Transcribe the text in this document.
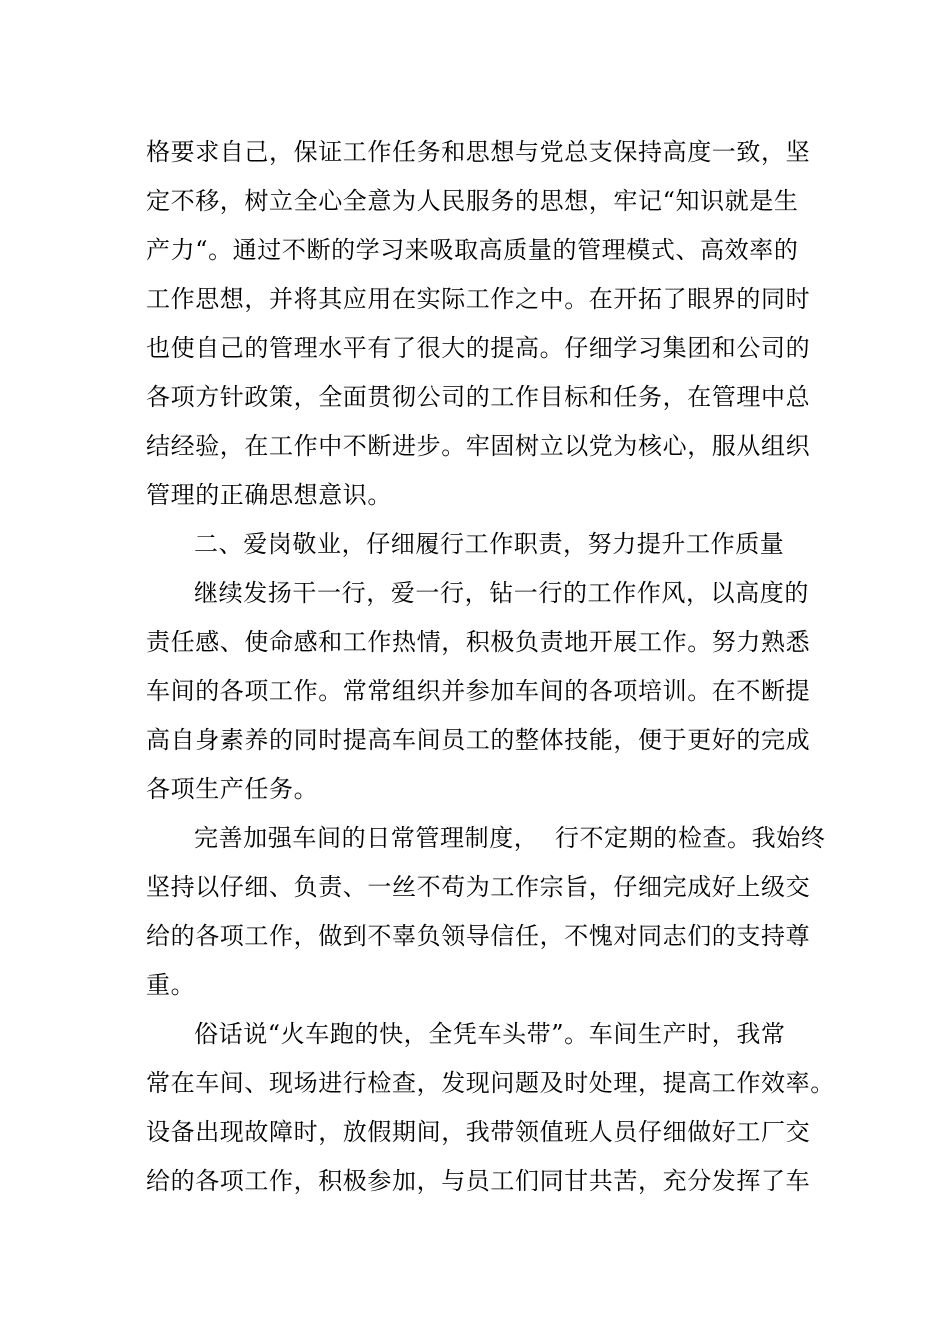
格要求自己，保证工作任务和思想与党总支保持高度一致，坚
定不移，树立全心全意为人民服务的思想，牢记“知识就是生
产力“。通过不断的学习来吸取高质量的管理模式、高效率的
工作思想，并将其应用在实际工作之中。在开拓了眼界的同时
也使自己的管理水平有了很大的提高。仔细学习集团和公司的
各项方针政策，全面贯彻公司的工作目标和任务，在管理中总
结经验，在工作中不断进步。牢固树立以党为核心，服从组织
管理的正确思想意识。
二、爱岗敬业，仔细履行工作职责，努力提升工作质量
继续发扬干一行，爱一行，钻一行的工作作风，以高度的
责任感、使命感和工作热情，积极负责地开展工作。努力熟悉
车间的各项工作。常常组织并参加车间的各项培训。在不断提
高自身素养的同时提高车间员工的整体技能，便于更好的完成
各项生产任务。
完善加强车间的日常管理制度，  行不定期的检查。我始终
坚持以仔细、负责、一丝不苟为工作宗旨，仔细完成好上级交
给的各项工作，做到不辜负领导信任，不愧对同志们的支持尊
重。
俗话说“火车跑的快，全凭车头带”。车间生产时，我常
常在车间、现场进行检查，发现问题及时处理，提高工作效率。
设备出现故障时，放假期间，我带领值班人员仔细做好工厂交
给的各项工作，积极参加，与员工们同甘共苦，充分发挥了车
